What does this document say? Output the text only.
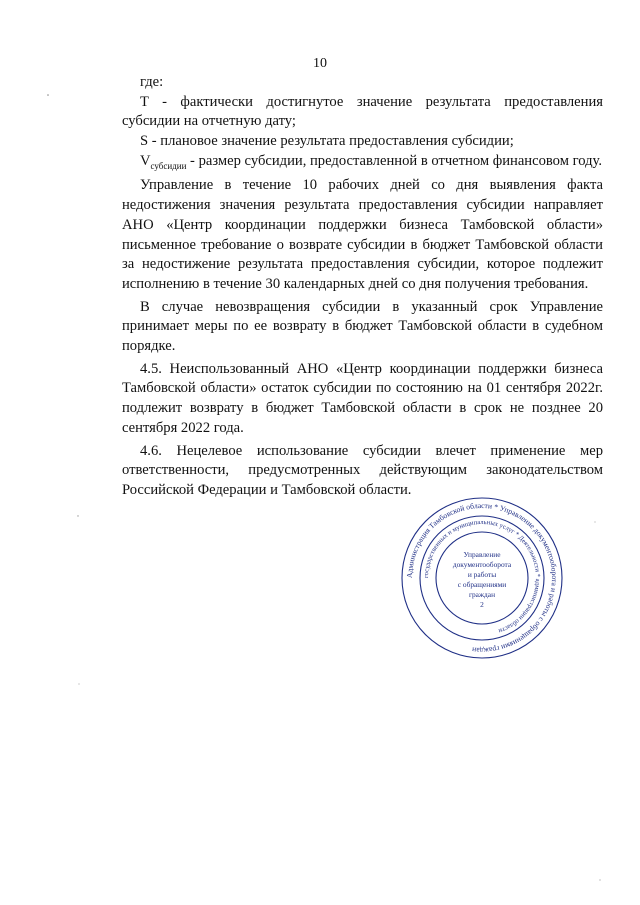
10

где:

T - фактически достигнутое значение результата предоставления субсидии на отчетную дату;

S - плановое значение результата предоставления субсидии;

$V_{субсидии}$ - размер субсидии, предоставленной в отчетном финансовом году.

Управление в течение 10 рабочих дней со дня выявления факта недостижения значения результата предоставления субсидии направляет АНО «Центр координации поддержки бизнеса Тамбовской области» письменное требование о возврате субсидии в бюджет Тамбовской области за недостижение результата предоставления субсидии, которое подлежит исполнению в течение 30 календарных дней со дня получения требования.

В случае невозвращения субсидии в указанный срок Управление принимает меры по ее возврату в бюджет Тамбовской области в судебном порядке.

4.5. Неиспользованный АНО «Центр координации поддержки бизнеса Тамбовской области» остаток субсидии по состоянию на 01 сентября 2022г. подлежит возврату в бюджет Тамбовской области в срок не позднее 20 сентября 2022 года.

4.6. Нецелевое использование субсидии влечет применение мер ответственности, предусмотренных действующим законодательством Российской Федерации и Тамбовской области.

Администрация Тамбовской области * Управление документооборота и работы с обращениями граждан
государственных и муниципальных услуг * Деятельности * администрации области
Управление
документооборота
и работы
с обращениями
граждан
2
